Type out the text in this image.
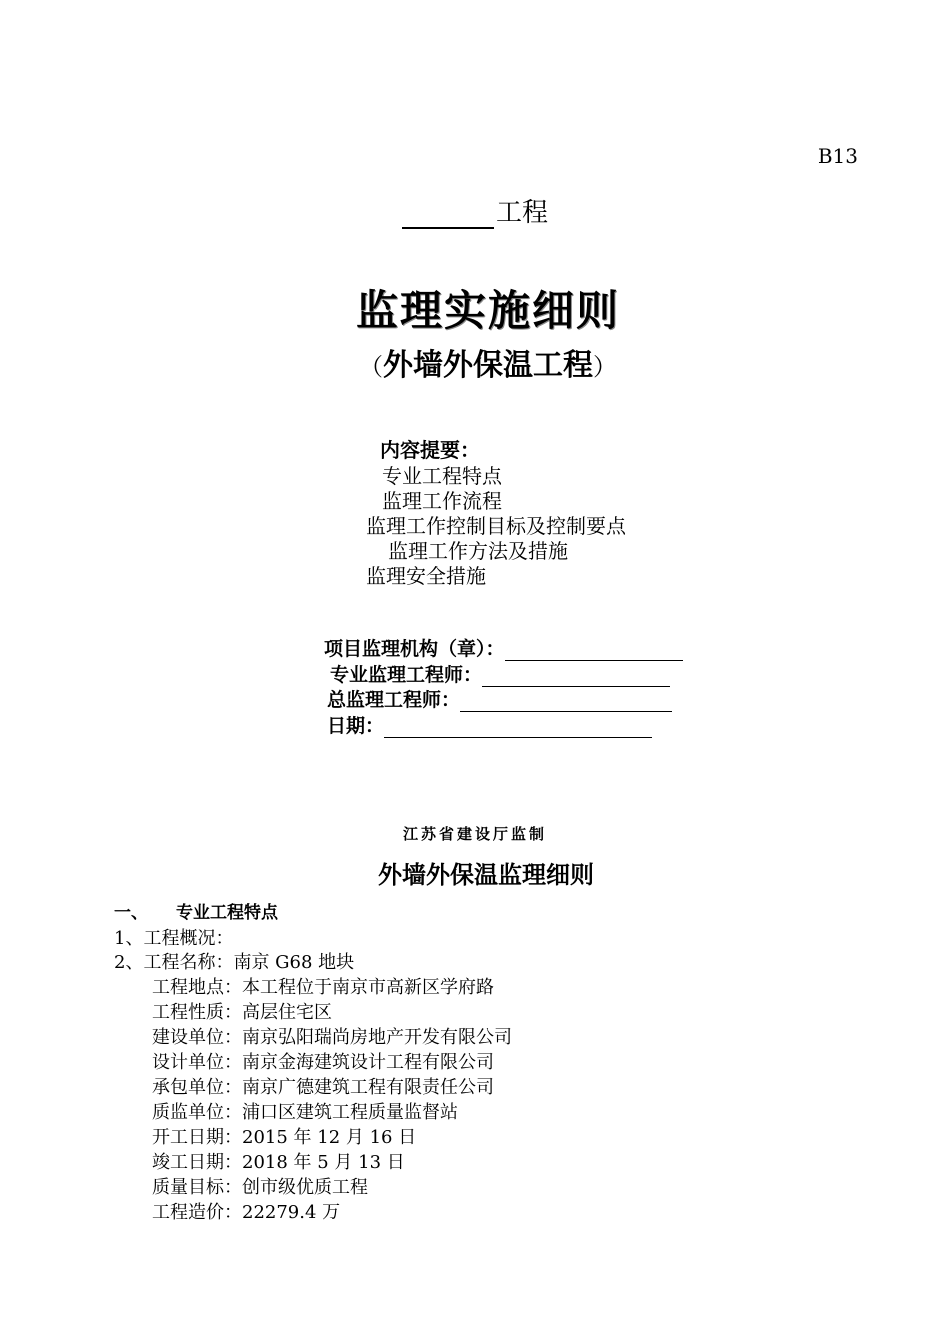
B13
工程
监理实施细则
（外墙外保温工程）
内容提要：
专业工程特点
监理工作流程
监理工作控制目标及控制要点
监理工作方法及措施
监理安全措施
项目监理机构（章）：
专业监理工程师：
总监理工程师：
日期：
江苏省建设厅监制
外墙外保温监理细则
一、 专业工程特点
1、工程概况：
2、工程名称：南京 G68 地块
工程地点：本工程位于南京市高新区学府路
工程性质：高层住宅区
建设单位：南京弘阳瑞尚房地产开发有限公司
设计单位：南京金海建筑设计工程有限公司
承包单位：南京广德建筑工程有限责任公司
质监单位：浦口区建筑工程质量监督站
开工日期：2015 年 12 月 16 日
竣工日期：2018 年 5 月 13 日
质量目标：创市级优质工程
工程造价：22279.4 万
